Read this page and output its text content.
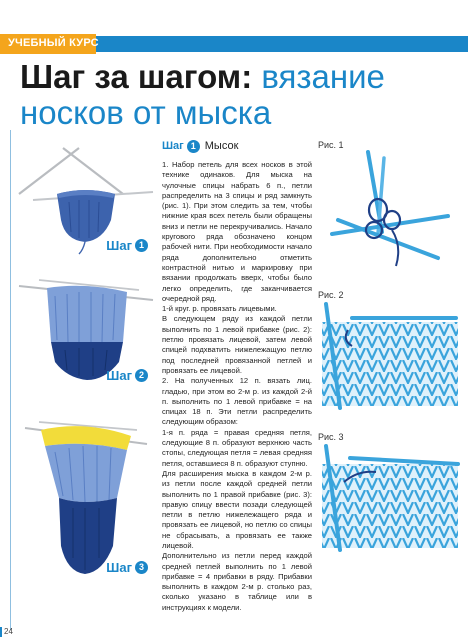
УЧЕБНЫЙ КУРС
Шаг за шагом: вязание
носков от мыска
Шаг 1
Шаг 2
Шаг 3
Шаг 1 Мысок

1. Набор петель для всех носков в этой технике одинаков. Для мыска на чулочные спицы набрать 6 п., петли распределить на 3 спицы и ряд замкнуть (рис. 1). При этом следить за тем, чтобы нижние края всех петель были обращены вниз и петли не перекручивались. Начало кругового ряда обозначено концом рабочей нити. При необходимости начало ряда дополнительно отметить контрастной нитью и маркировку при вязании продолжать вверх, чтобы было легко определить, где заканчивается очередной ряд.

1-й круг. р. провязать лицевыми.

В следующем ряду из каждой петли выполнить по 1 левой прибавке (рис. 2): петлю провязать лицевой, затем левой спицей подхватить нижележащую петлю под последней провязанной петлей и провязать ее лицевой.

2. На полученных 12 п. вязать лиц. гладью, при этом во 2-м р. из каждой 2-й п. выполнить по 1 левой прибавке = на спицах 18 п. Эти петли распределить следующим образом:

1-я п. ряда = правая средняя петля, следующие 8 п. образуют верхнюю часть стопы, следующая петля = левая средняя петля, оставшиеся 8 п. образуют ступню.

Для расширения мыска в каждом 2-м р. из петли после каждой средней петли выполнить по 1 правой прибавке (рис. 3): правую спицу ввести позади следующей петли в петлю нижележащего ряда и провязать ее лицевой, но петлю со спицы не сбрасывать, а провязать ее также лицевой.

Дополнительно из петли перед каждой средней петлей выполнить по 1 левой прибавке = 4 прибавки в ряду. Прибавки выполнить в каждом 2-м р. столько раз, сколько указано в таблице или в инструкциях к модели.

Рис. 1
Рис. 2
Рис. 3
24
